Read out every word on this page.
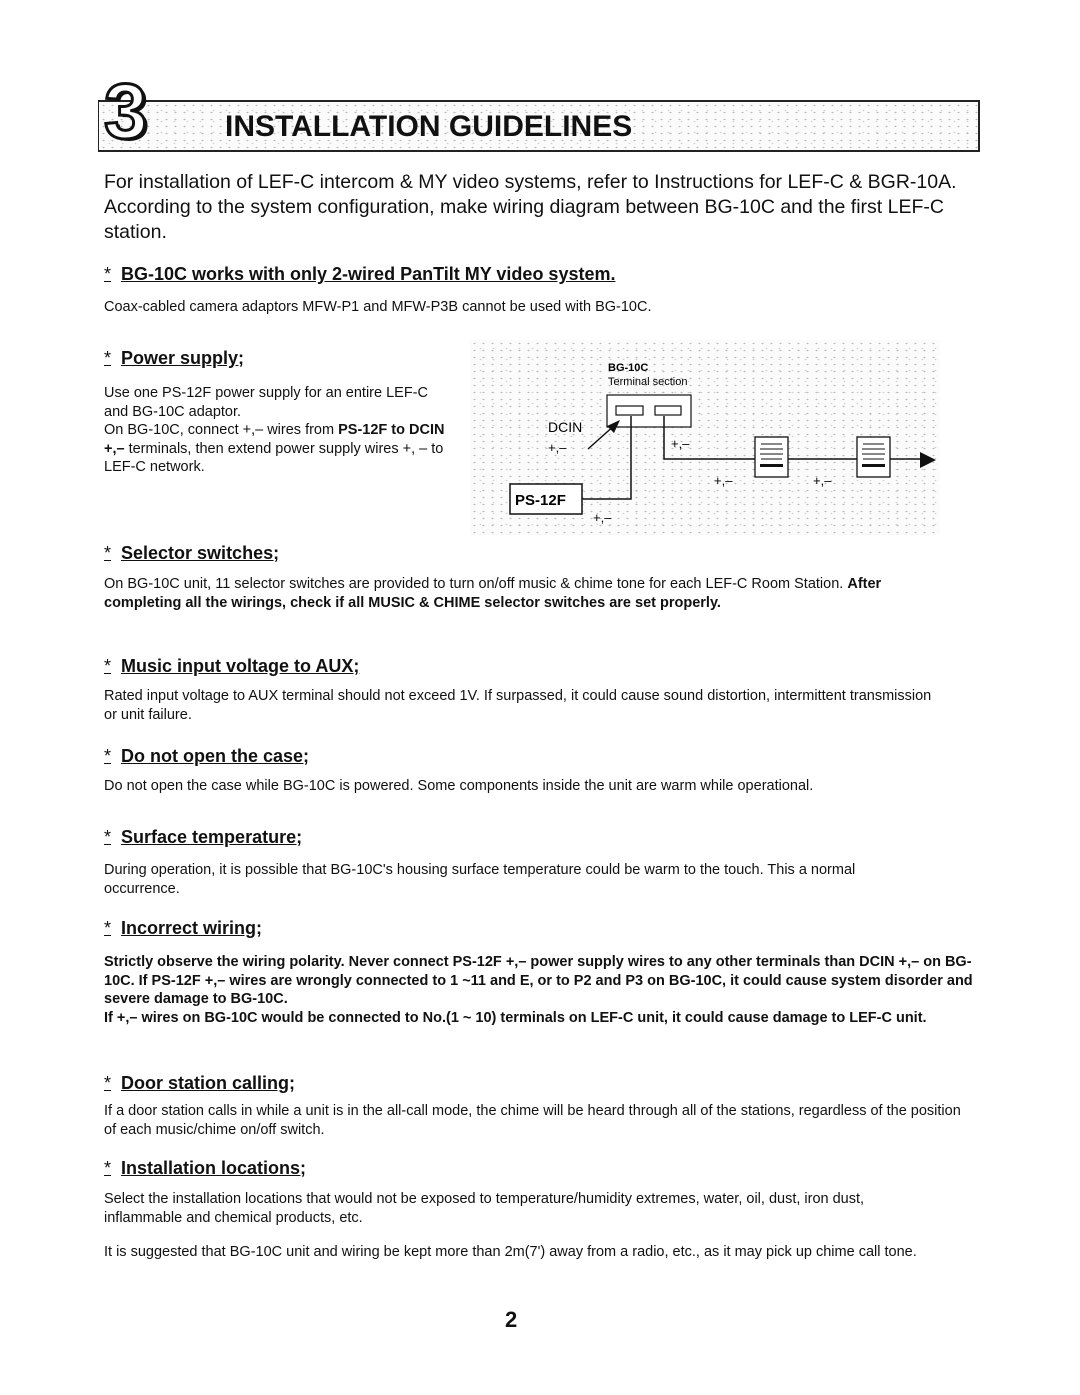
3	INSTALLATION GUIDELINES
For installation of LEF-C intercom & MY video systems, refer to Instructions for LEF-C & BGR-10A. According to the system configuration, make wiring diagram between BG-10C and the first LEF-C station.
* BG-10C works with only 2-wired PanTilt MY video system.
Coax-cabled camera adaptors MFW-P1 and MFW-P3B cannot be used with BG-10C.
* Power supply;
Use one PS-12F power supply for an entire LEF-C and BG-10C adaptor.
On BG-10C, connect +,– wires from PS-12F to DCIN +,– terminals, then extend power supply wires +, – to LEF-C network.
BG-10C
Terminal section
DCIN
+,–
PS-12F
+,–
+,–
+,–	+,–
* Selector switches;
On BG-10C unit, 11 selector switches are provided to turn on/off music & chime tone for each LEF-C Room Station. After completing all the wirings, check if all MUSIC & CHIME selector switches are set properly.
* Music input voltage to AUX;
Rated input voltage to AUX terminal should not exceed 1V. If surpassed, it could cause sound distortion, intermittent transmission or unit failure.
* Do not open the case;
Do not open the case while BG-10C is powered. Some components inside the unit are warm while operational.
* Surface temperature;
During operation, it is possible that BG-10C's housing surface temperature could be warm to the touch. This a normal occurrence.
* Incorrect wiring;
Strictly observe the wiring polarity. Never connect PS-12F +,– power supply wires to any other terminals than DCIN +,– on BG-10C. If PS-12F +,– wires are wrongly connected to 1 ~11 and E, or to P2 and P3 on BG-10C, it could cause system disorder and severe damage to BG-10C.
If +,– wires on BG-10C would be connected to No.(1 ~ 10) terminals on LEF-C unit, it could cause damage to LEF-C unit.
* Door station calling;
If a door station calls in while a unit is in the all-call mode, the chime will be heard through all of the stations, regardless of the position of each music/chime on/off switch.
* Installation locations;
Select the installation locations that would not be exposed to temperature/humidity extremes, water, oil, dust, iron dust, inflammable and chemical products, etc.
It is suggested that BG-10C unit and wiring be kept more than 2m(7') away from a radio, etc., as it may pick up chime call tone.
2
